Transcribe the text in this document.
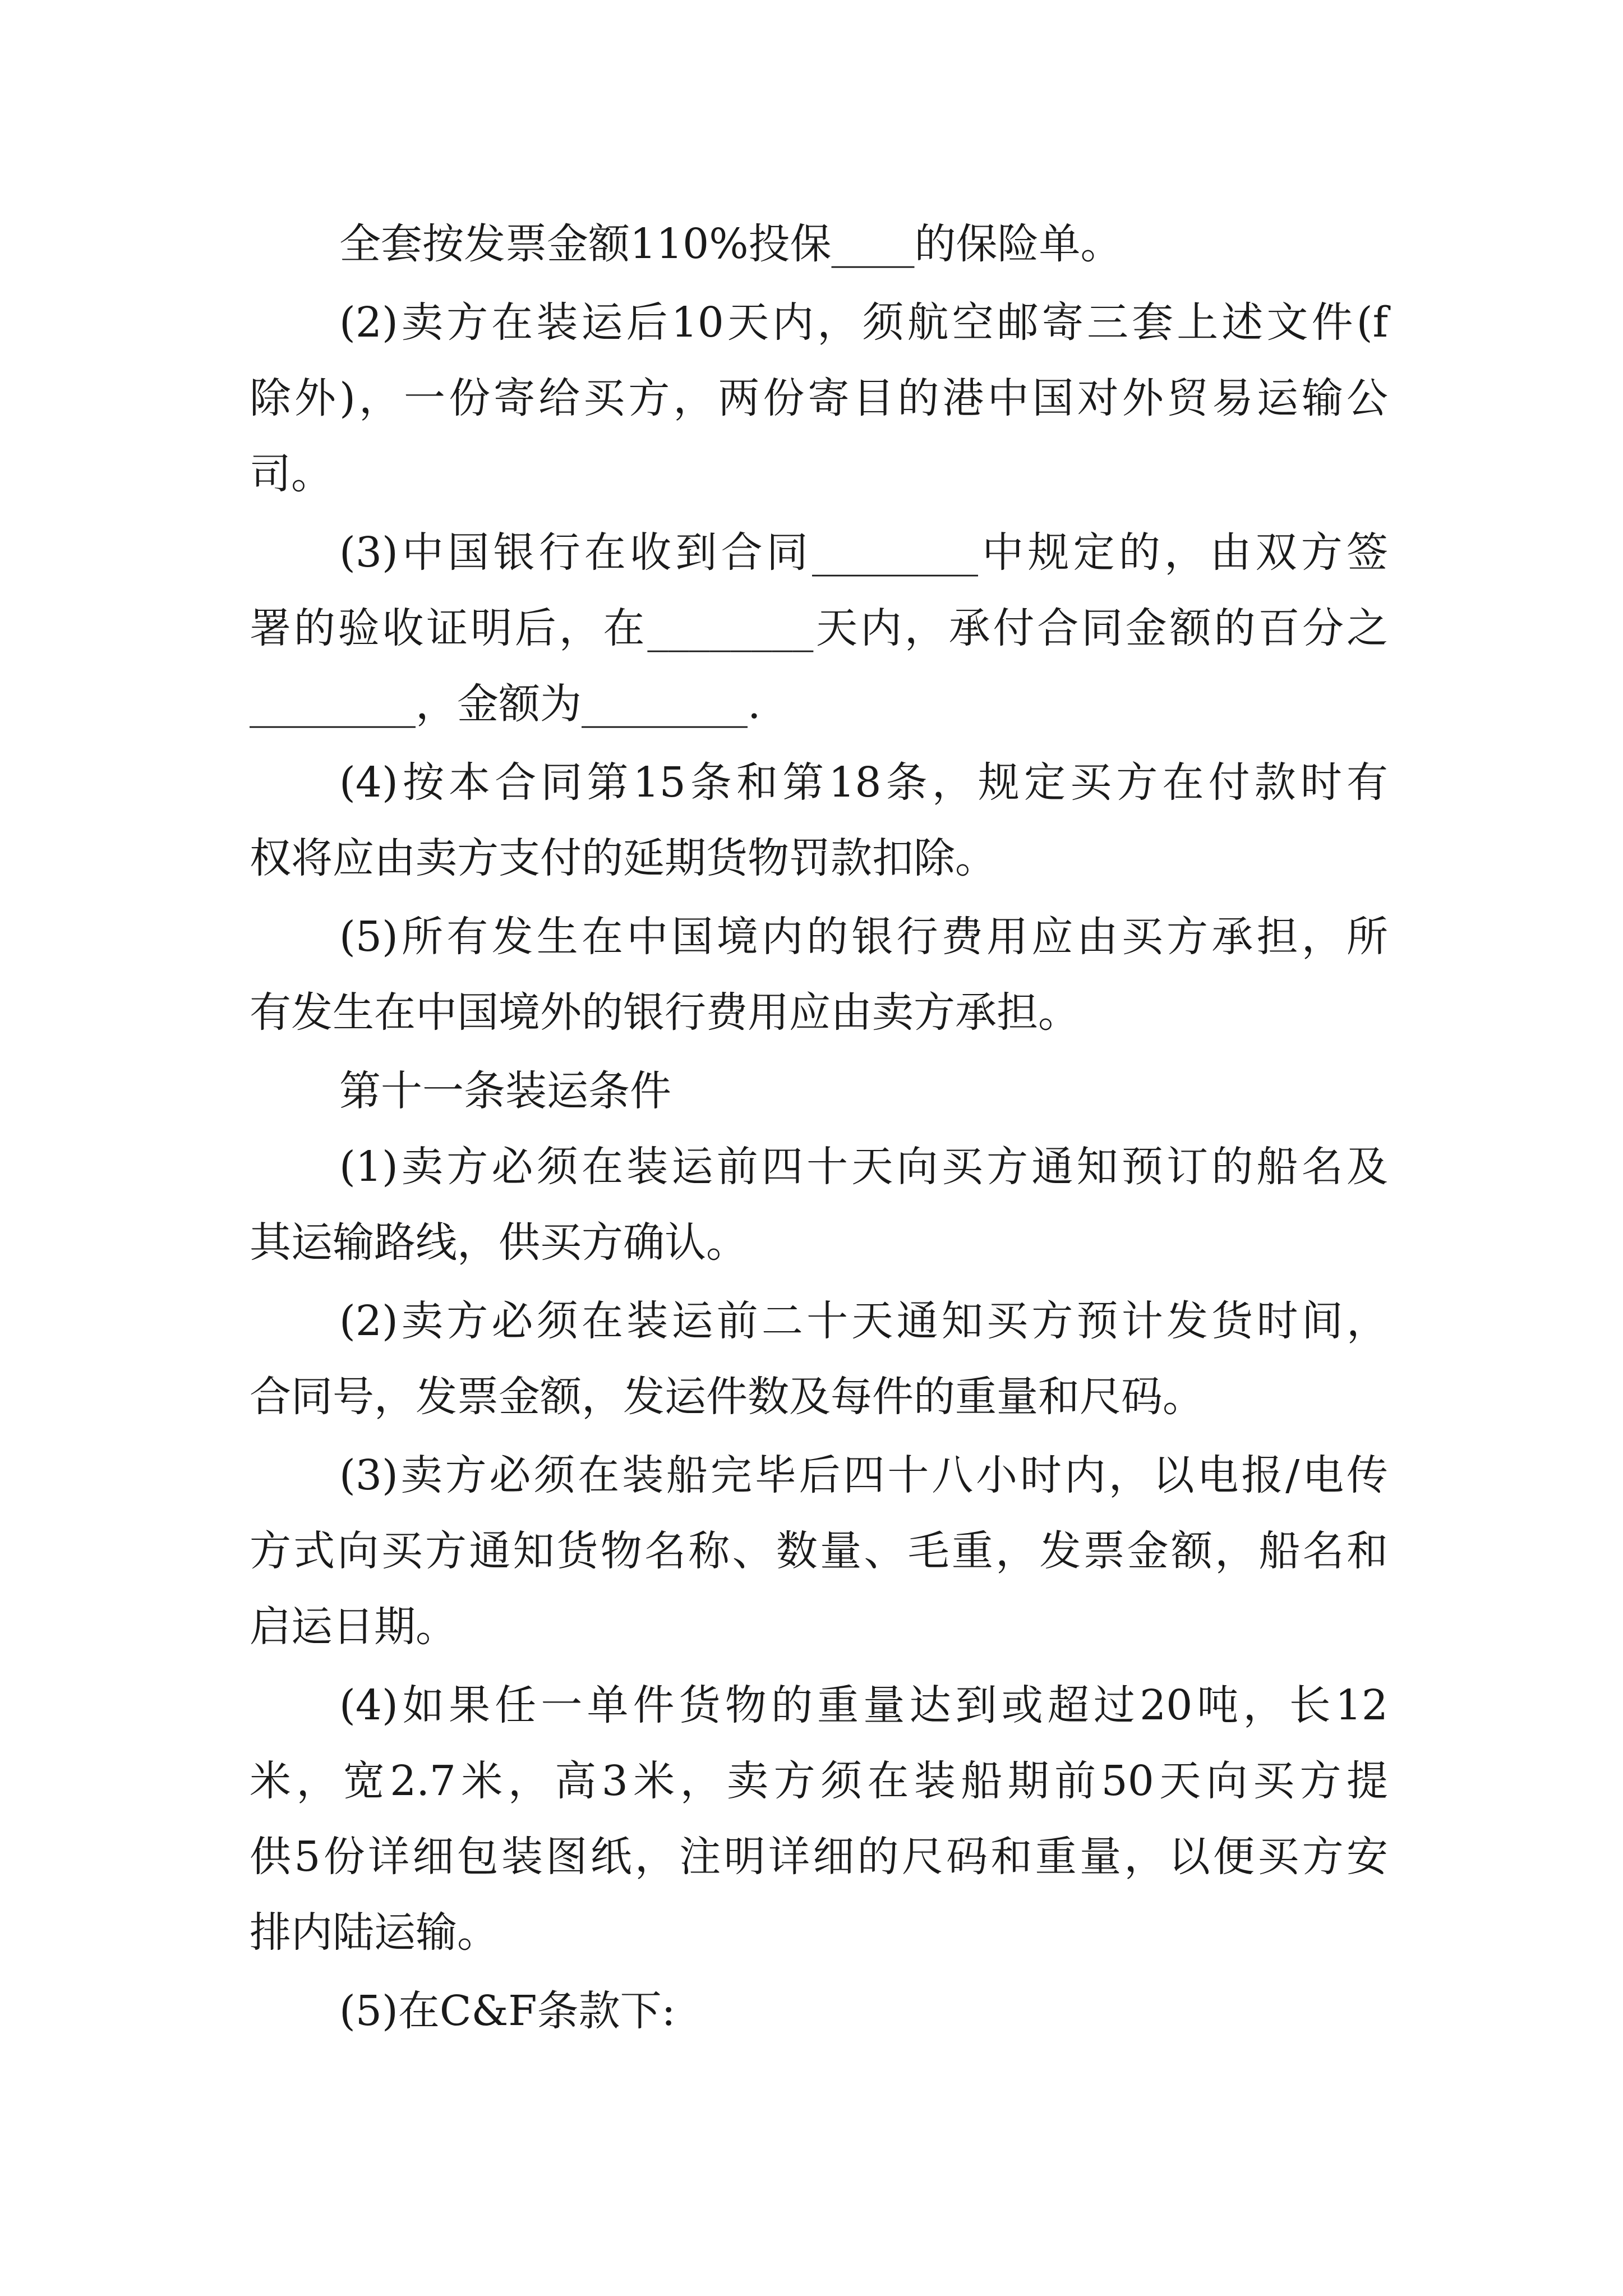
全套按发票金额110%投保____的保险单。
(2)卖方在装运后10天内，须航空邮寄三套上述文件(f
除外)，一份寄给买方，两份寄目的港中国对外贸易运输公
司。
(3)中国银行在收到合同________中规定的，由双方签
署的验收证明后，在________天内，承付合同金额的百分之
________，金额为________.
(4)按本合同第15条和第18条，规定买方在付款时有
权将应由卖方支付的延期货物罚款扣除。
(5)所有发生在中国境内的银行费用应由买方承担，所
有发生在中国境外的银行费用应由卖方承担。
第十一条装运条件
(1)卖方必须在装运前四十天向买方通知预订的船名及
其运输路线，供买方确认。
(2)卖方必须在装运前二十天通知买方预计发货时间，
合同号，发票金额，发运件数及每件的重量和尺码。
(3)卖方必须在装船完毕后四十八小时内，以电报/电传
方式向买方通知货物名称、数量、毛重，发票金额，船名和
启运日期。
(4)如果任一单件货物的重量达到或超过20吨，长12
米，宽2.7米，高3米，卖方须在装船期前50天向买方提
供5份详细包装图纸，注明详细的尺码和重量，以便买方安
排内陆运输。
(5)在C&F条款下:
